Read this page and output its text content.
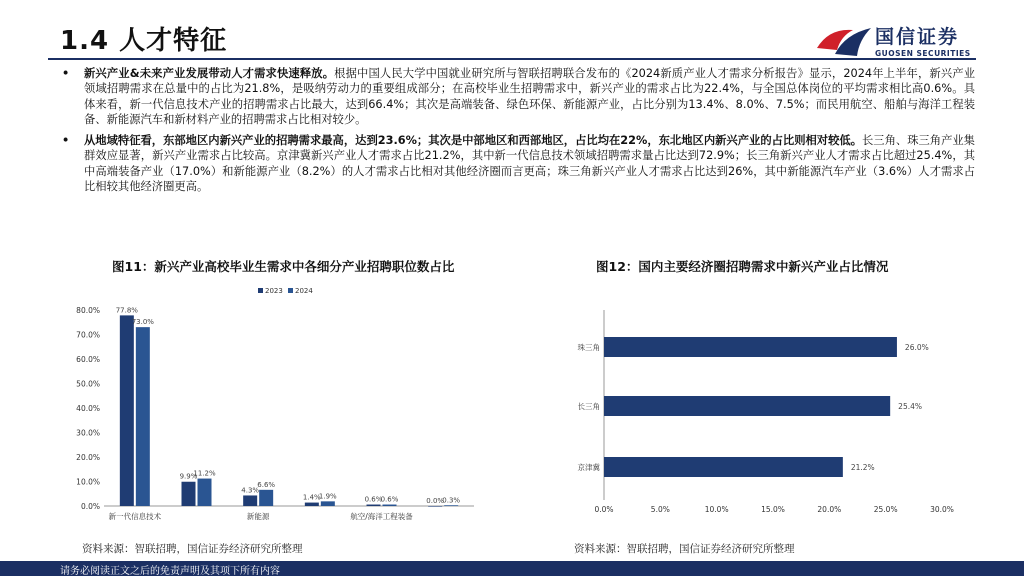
1.4 人才特征	国信证券
GUOSEN SECURITIES
• 新兴产业&未来产业发展带动人才需求快速释放。根据中国人民大学中国就业研究所与智联招聘联合发布的《2024新质产业人才需求分析报告》显示，2024年上半年，新兴产业领域招聘需求在总量中的占比为21.8%，是吸纳劳动力的重要组成部分；在高校毕业生招聘需求中，新兴产业的需求占比为22.4%，与全国总体岗位的平均需求相比高0.6%。具体来看，新一代信息技术产业的招聘需求占比最大，达到66.4%；其次是高端装备、绿色环保、新能源产业，占比分别为13.4%、8.0%、7.5%；而民用航空、船舶与海洋工程装备、新能源汽车和新材料产业的招聘需求占比相对较少。
• 从地域特征看，东部地区内新兴产业的招聘需求最高，达到23.6%；其次是中部地区和西部地区，占比均在22%，东北地区内新兴产业的占比则相对较低。长三角、珠三角产业集群效应显著，新兴产业需求占比较高。京津冀新兴产业人才需求占比21.2%，其中新一代信息技术领域招聘需求量占比达到72.9%；长三角新兴产业人才需求占比超过25.4%，其中高端装备产业（17.0%）和新能源产业（8.2%）的人才需求占比相对其他经济圈而言更高；珠三角新兴产业人才需求占比达到26%，其中新能源汽车产业（3.6%）人才需求占比相较其他经济圈更高。
图11：新兴产业高校毕业生需求中各细分产业招聘职位数占比	图12：国内主要经济圈招聘需求中新兴产业占比情况
0.0%
10.0%
20.0%
30.0%
40.0%
50.0%
60.0%
70.0%
80.0% 77.8%
9.9%
4.3%
1.4%	0.6%	0.0%
73.0%
11.2%
6.6%
1.9%	0.6%	0.3%
新一代信息技术	新能源	航空/海洋工程装备
2023 2024
0.0%	5.0%	10.0%	15.0%	20.0%	25.0%	30.0%
珠三角	26.0%
长三角	25.4%
京津冀	21.2%
资料来源：智联招聘，国信证券经济研究所整理	资料来源：智联招聘，国信证券经济研究所整理
请务必阅读正文之后的免责声明及其项下所有内容
